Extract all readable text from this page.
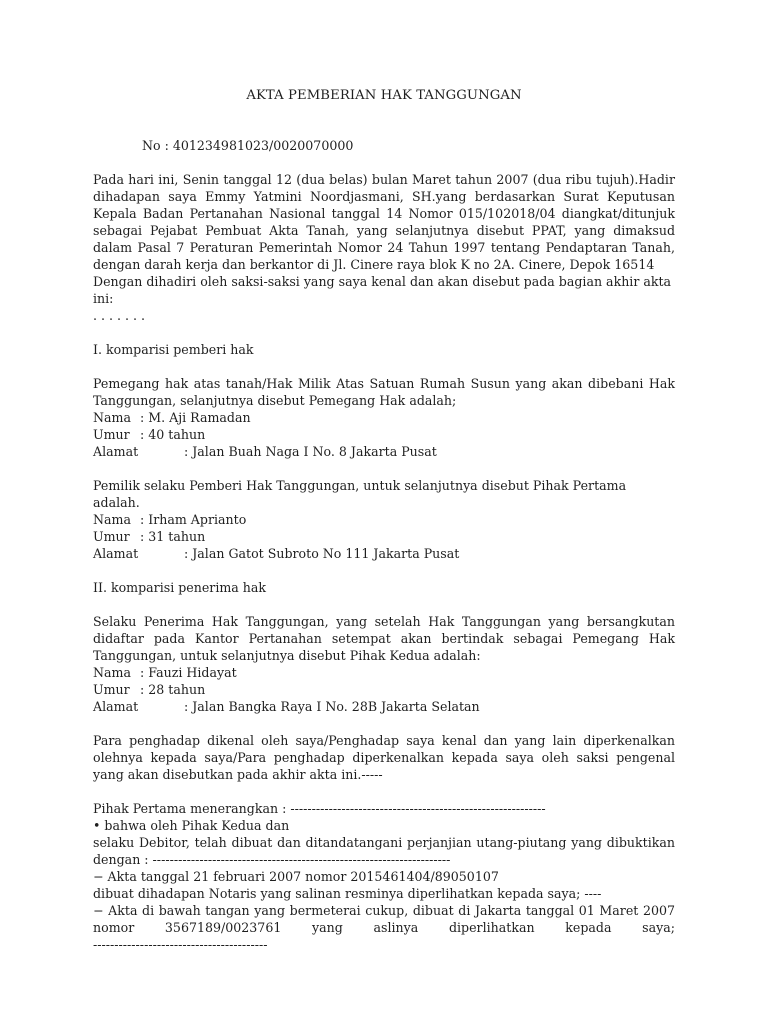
AKTA PEMBERIAN HAK TANGGUNGAN
No : 401234981023/0020070000

Pada hari ini, Senin tanggal 12 (dua belas) bulan Maret tahun 2007 (dua ribu tujuh).Hadir dihadapan saya Emmy Yatmini Noordjasmani, SH.yang berdasarkan Surat Keputusan Kepala Badan Pertanahan Nasional tanggal 14 Nomor 015/102018/04 diangkat/ditunjuk sebagai Pejabat Pembuat Akta Tanah, yang selanjutnya disebut PPAT, yang dimaksud dalam Pasal 7 Peraturan Pemerintah Nomor 24 Tahun 1997 tentang Pendaptaran Tanah, dengan darah kerja dan berkantor di Jl. Cinere raya blok K no 2A. Cinere, Depok 16514

Dengan dihadiri oleh saksi-saksi yang saya kenal dan akan disebut pada bagian akhir akta ini:

. . . . . . .

I. komparisi pemberi hak

Pemegang hak atas tanah/Hak Milik Atas Satuan Rumah Susun yang akan dibebani Hak Tanggungan, selanjutnya disebut Pemegang Hak adalah;

Nama : M. Aji Ramadan
Umur : 40 tahun
Alamat	: Jalan Buah Naga I No. 8 Jakarta Pusat

Pemilik selaku Pemberi Hak Tanggungan, untuk selanjutnya disebut Pihak Pertama adalah.

Nama : Irham Aprianto
Umur : 31 tahun
Alamat	: Jalan Gatot Subroto No 111 Jakarta Pusat

II. komparisi penerima hak

Selaku Penerima Hak Tanggungan, yang setelah Hak Tanggungan yang bersangkutan didaftar pada Kantor Pertanahan setempat akan bertindak sebagai Pemegang Hak Tanggungan, untuk selanjutnya disebut Pihak Kedua adalah:

Nama : Fauzi Hidayat
Umur : 28 tahun
Alamat	: Jalan Bangka Raya I No. 28B Jakarta Selatan

Para penghadap dikenal oleh saya/Penghadap saya kenal dan yang lain diperkenalkan olehnya kepada saya/Para penghadap diperkenalkan kepada saya oleh saksi pengenal yang akan disebutkan pada akhir akta ini.-----

Pihak Pertama menerangkan : ------------------------------------------------------------

• bahwa oleh Pihak Kedua dan

selaku Debitor, telah dibuat dan ditandatangani perjanjian utang-piutang yang dibuktikan dengan : ----------------------------------------------------------------------

− Akta tanggal 21 februari 2007 nomor 2015461404/89050107

dibuat dihadapan Notaris yang salinan resminya diperlihatkan kepada saya; ----

− Akta di bawah tangan yang bermeterai cukup, dibuat di Jakarta tanggal 01 Maret 2007

nomor 3567189/0023761 yang aslinya diperlihatkan kepada saya;

-----------------------------------------
